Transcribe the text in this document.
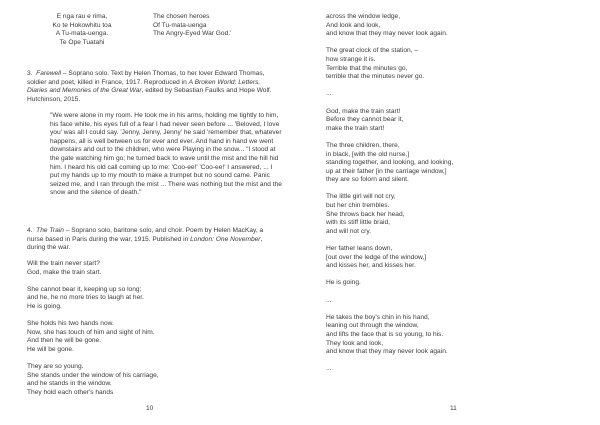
E nga rau e rima,
Ko te Hokowhitu toa
A Tu-mata-uenga.
Te Ope Tuatahi
The chosen heroes
Of Tu-mata-uenga
The Angry-Eyed War God.'
3. Farewell – Soprano solo. Text by Helen Thomas, to her lover Edward Thomas, soldier and poet, killed in France, 1917. Reproduced in A Broken World: Letters, Diaries and Memories of the Great War, edited by Sebastian Faulks and Hope Wolf. Hutchinson, 2015.
"We were alone in my room. He took me in his arms, holding me tightly to him, his face white, his eyes full of a fear I had never seen before ... 'Beloved, I love you' was all I could say. 'Jenny, Jenny, Jenny' he said 'remember that, whatever happens, all is well between us for ever and ever. And hand in hand we went downstairs and out to the children, who were Playing in the snow... "I stood at the gate watching him go; he turned back to wave until the mist and the hill hid him. I heard his old call coming up to me: 'Coo-ee!' 'Coo-ee!' I answered, ... I put my hands up to my mouth to make a trumpet but no sound came. Panic seized me, and I ran through the mist ... There was nothing but the mist and the snow and the silence of death."
4. The Train – Soprano solo, baritone solo, and choir. Poem by Helen MacKay, a nurse based in Paris during the war, 1915. Published in London: One November, during the war.
Will the train never start?
God, make the train start.
She cannot bear it, keeping up so long;
and he, he no more tries to laugh at her.
He is going.
She holds his two hands now.
Now, she has touch of him and sight of him.
And then he will be gone.
He will be gone.
They are so young.
She stands under the window of his carriage,
and he stands in the window.
They hold each other's hands
10
across the window ledge,
And look and look,
and know that they may never look again.
The great clock of the station, –
how strange it is.
Terrible that the minutes go,
terrible that the minutes never go.
...
God, make the train start!
Before they cannot bear it,
make the train start!
The three children, there,
in black, [with the old nurse,]
standing together, and looking, and looking,
up at their father [in the carriage window,]
they are so folorn and silent.
The little girl will not cry,
but her chin trembles.
She throws back her head,
with its stiff little braid,
and will not cry.
Her father leans down,
[out over the ledge of the window,]
and kisses her, and kisses her.
He is going.
...
He takes the boy's chin in his hand,
leaning out through the window,
and lifts the face that is so young, to his.
They look and look,
and know that they may never look again.
...
11
